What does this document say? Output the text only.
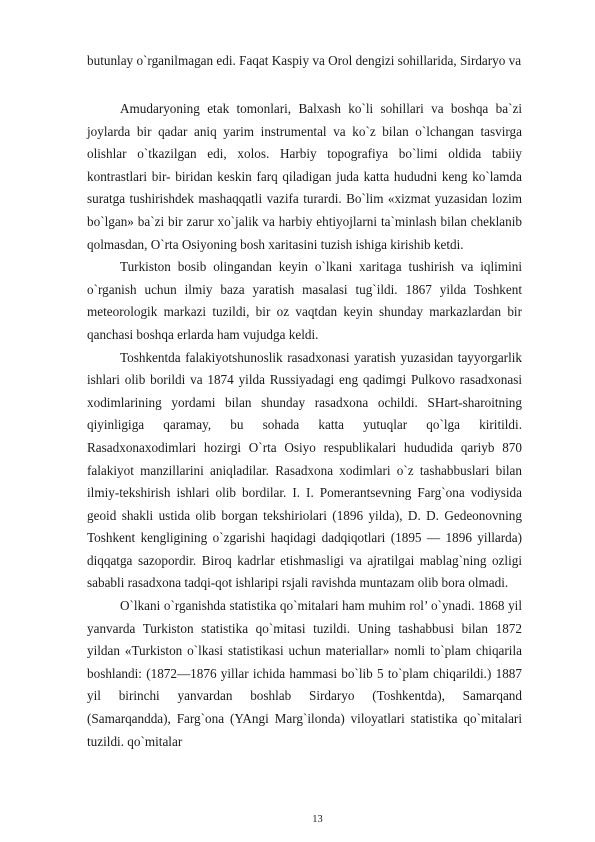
butunlay o`rganilmagan edi. Faqat Kaspiy va Orol dengizi sohillarida, Sirdaryo va

Amudaryoning etak tomonlari, Balxash ko`li sohillari va boshqa ba`zi joylarda bir qadar aniq yarim instrumental va ko`z bilan o`lchangan tasvirga olishlar o`tkazilgan edi, xolos. Harbiy topografiya bo`limi oldida tabiiy kontrastlari bir- biridan keskin farq qiladigan juda katta hududni keng ko`lamda suratga tushirishdek mashaqqatli vazifa turardi. Bo`lim «xizmat yuzasidan lozim bo`lgan» ba`zi bir zarur xo`jalik va harbiy ehtiyojlarni ta`minlash bilan cheklanib qolmasdan, O`rta Osiyoning bosh xaritasini tuzish ishiga kirishib ketdi.

Turkiston bosib olingandan keyin o`lkani xaritaga tushirish va iqlimini o`rganish uchun ilmiy baza yaratish masalasi tug`ildi. 1867 yilda Toshkent meteorologik markazi tuzildi, bir oz vaqtdan keyin shunday markazlardan bir qanchasi boshqa erlarda ham vujudga keldi.

Toshkentda falakiyotshunoslik rasadxonasi yaratish yuzasidan tayyorgarlik ishlari olib borildi va 1874 yilda Russiyadagi eng qadimgi Pulkovo rasadxonasi xodimlarining yordami bilan shunday rasadxona ochildi. SHart-sharoitning qiyinligiga qaramay, bu sohada katta yutuqlar qo`lga kiritildi. Rasadxonaxodimlari hozirgi O`rta Osiyo respublikalari hududida qariyb 870 falakiyot manzillarini aniqladilar. Rasadxona xodimlari o`z tashabbuslari bilan ilmiy-tekshirish ishlari olib bordilar. I. I. Pomerantsevning Farg`ona vodiysida geoid shakli ustida olib borgan tekshiriolari (1896 yilda), D. D. Gedeonovning Toshkent kengligining o`zgarishi haqidagi dadqiqotlari (1895 — 1896 yillarda) diqqatga sazopordir. Biroq kadrlar etishmasligi va ajratilgai mablag`ning ozligi sababli rasadxona tadqi-qot ishlaripi rsjali ravishda muntazam olib bora olmadi.

O`lkani o`rganishda statistika qo`mitalari ham muhim rol’ o`ynadi. 1868 yil yanvarda Turkiston statistika qo`mitasi tuzildi. Uning tashabbusi bilan 1872 yildan «Turkiston o`lkasi statistikasi uchun materiallar» nomli to`plam chiqarila boshlandi: (1872—1876 yillar ichida hammasi bo`lib 5 to`plam chiqarildi.) 1887 yil birinchi yanvardan boshlab Sirdaryo (Toshkentda), Samarqand (Samarqandda), Farg`ona (YAngi Marg`ilonda) viloyatlari statistika qo`mitalari tuzildi. qo`mitalar

13
